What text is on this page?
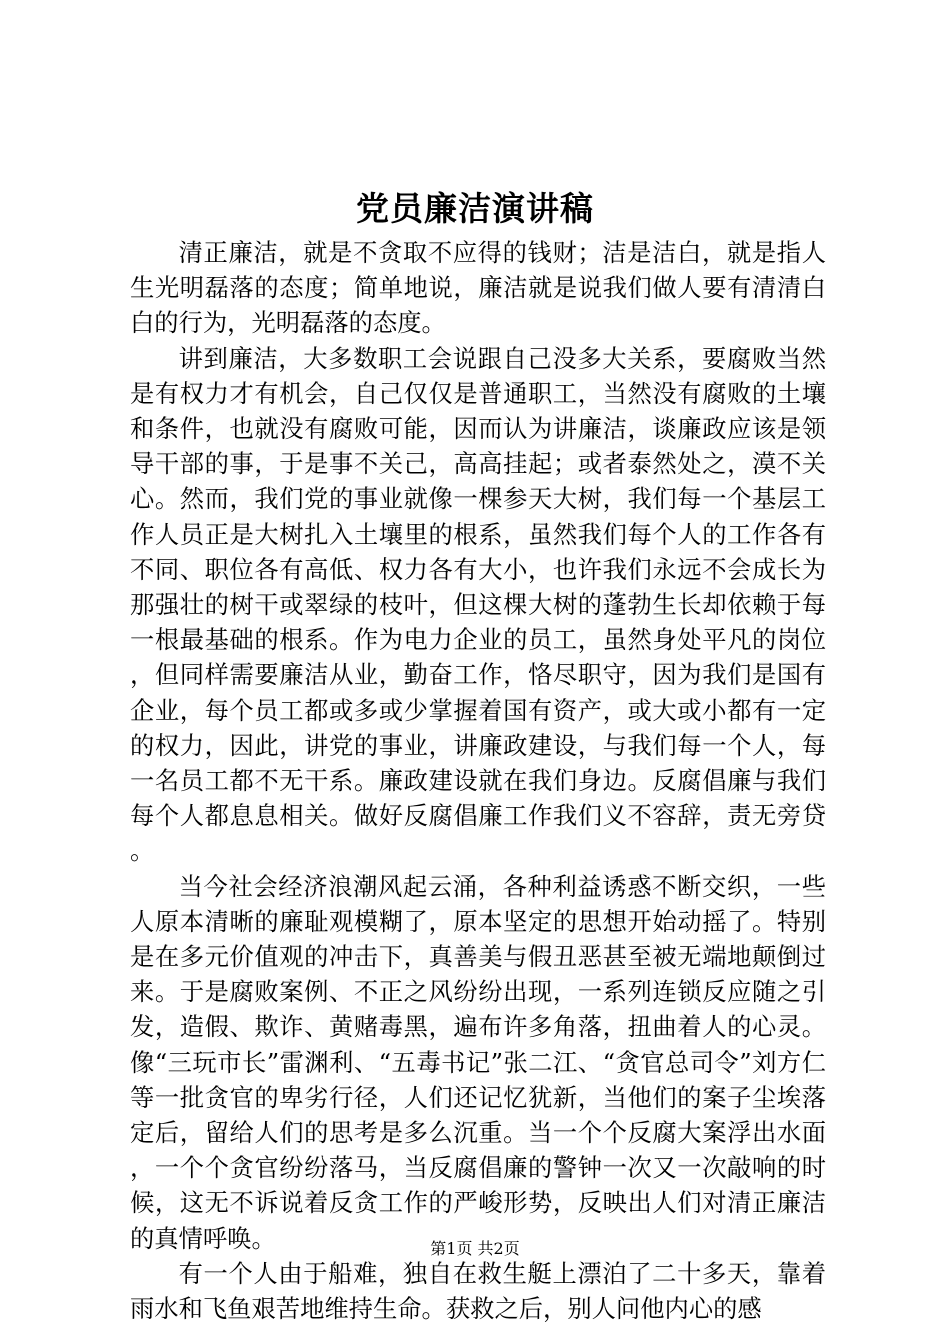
党员廉洁演讲稿

清正廉洁，就是不贪取不应得的钱财；洁是洁白，就是指人生光明磊落的态度；简单地说，廉洁就是说我们做人要有清清白白的行为，光明磊落的态度。

讲到廉洁，大多数职工会说跟自己没多大关系，要腐败当然是有权力才有机会，自己仅仅是普通职工，当然没有腐败的土壤和条件，也就没有腐败可能，因而认为讲廉洁，谈廉政应该是领导干部的事，于是事不关己，高高挂起；或者泰然处之，漠不关心。然而，我们党的事业就像一棵参天大树，我们每一个基层工作人员正是大树扎入土壤里的根系，虽然我们每个人的工作各有不同、职位各有高低、权力各有大小，也许我们永远不会成长为那强壮的树干或翠绿的枝叶，但这棵大树的蓬勃生长却依赖于每一根最基础的根系。作为电力企业的员工，虽然身处平凡的岗位，但同样需要廉洁从业，勤奋工作，恪尽职守，因为我们是国有企业，每个员工都或多或少掌握着国有资产，或大或小都有一定的权力，因此，讲党的事业，讲廉政建设，与我们每一个人，每一名员工都不无干系。廉政建设就在我们身边。反腐倡廉与我们每个人都息息相关。做好反腐倡廉工作我们义不容辞，责无旁贷。

当今社会经济浪潮风起云涌，各种利益诱惑不断交织，一些人原本清晰的廉耻观模糊了，原本坚定的思想开始动摇了。特别是在多元价值观的冲击下，真善美与假丑恶甚至被无端地颠倒过来。于是腐败案例、不正之风纷纷出现，一系列连锁反应随之引发，造假、欺诈、黄赌毒黑，遍布许多角落，扭曲着人的心灵。像“三玩市长”雷渊利、“五毒书记”张二江、“贪官总司令”刘方仁等一批贪官的卑劣行径，人们还记忆犹新，当他们的案子尘埃落定后，留给人们的思考是多么沉重。当一个个反腐大案浮出水面，一个个贪官纷纷落马，当反腐倡廉的警钟一次又一次敲响的时候，这无不诉说着反贪工作的严峻形势，反映出人们对清正廉洁的真情呼唤。

有一个人由于船难，独自在救生艇上漂泊了二十多天，靠着雨水和飞鱼艰苦地维持生命。获救之后，别人问他内心的感

第1页 共2页
